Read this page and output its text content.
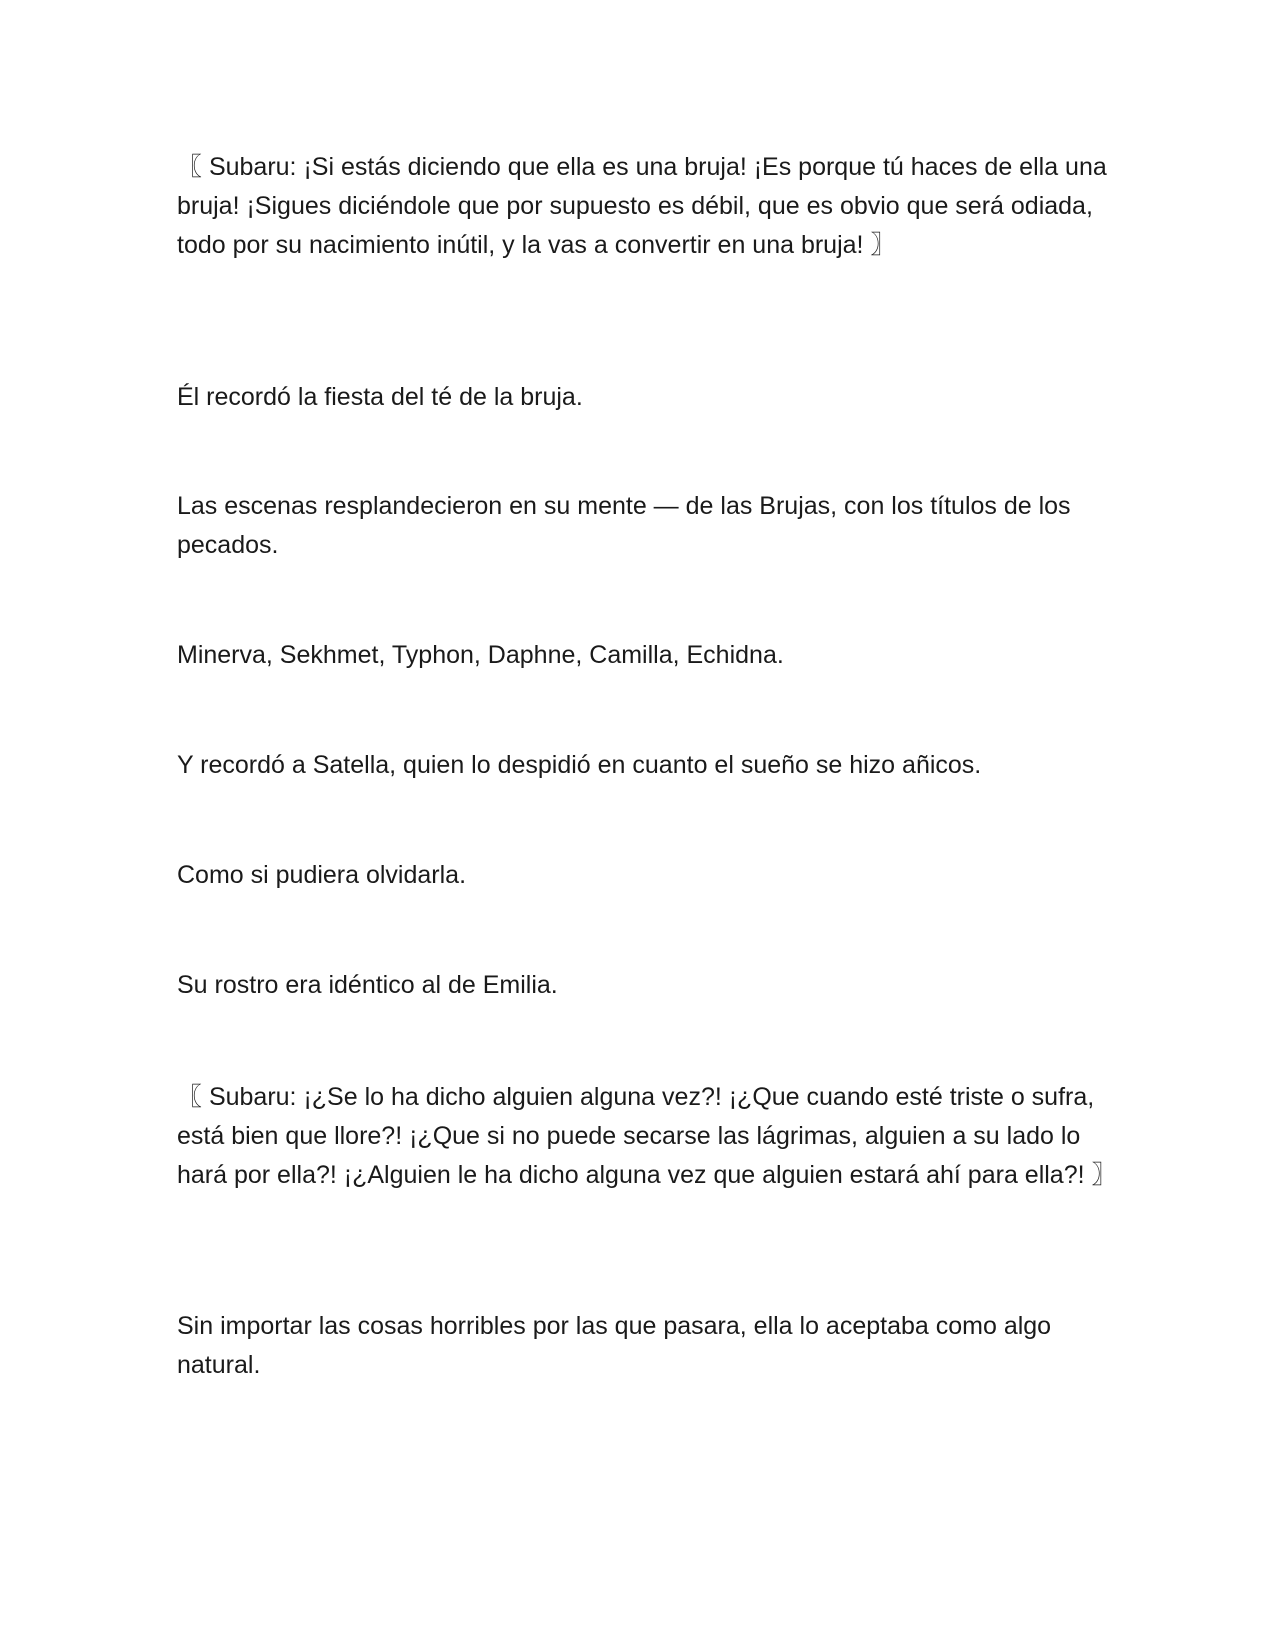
〖 Subaru: ¡Si estás diciendo que ella es una bruja! ¡Es porque tú haces de ella una bruja! ¡Sigues diciéndole que por supuesto es débil, que es obvio que será odiada, todo por su nacimiento inútil, y la vas a convertir en una bruja! 〗

Él recordó la fiesta del té de la bruja.

Las escenas resplandecieron en su mente — de las Brujas, con los títulos de los pecados.

Minerva, Sekhmet, Typhon, Daphne, Camilla, Echidna.

Y recordó a Satella, quien lo despidió en cuanto el sueño se hizo añicos.

Como si pudiera olvidarla.

Su rostro era idéntico al de Emilia.

〖 Subaru: ¡¿Se lo ha dicho alguien alguna vez?! ¡¿Que cuando esté triste o sufra, está bien que llore?! ¡¿Que si no puede secarse las lágrimas, alguien a su lado lo hará por ella?! ¡¿Alguien le ha dicho alguna vez que alguien estará ahí para ella?! 〗

Sin importar las cosas horribles por las que pasara, ella lo aceptaba como algo natural.
